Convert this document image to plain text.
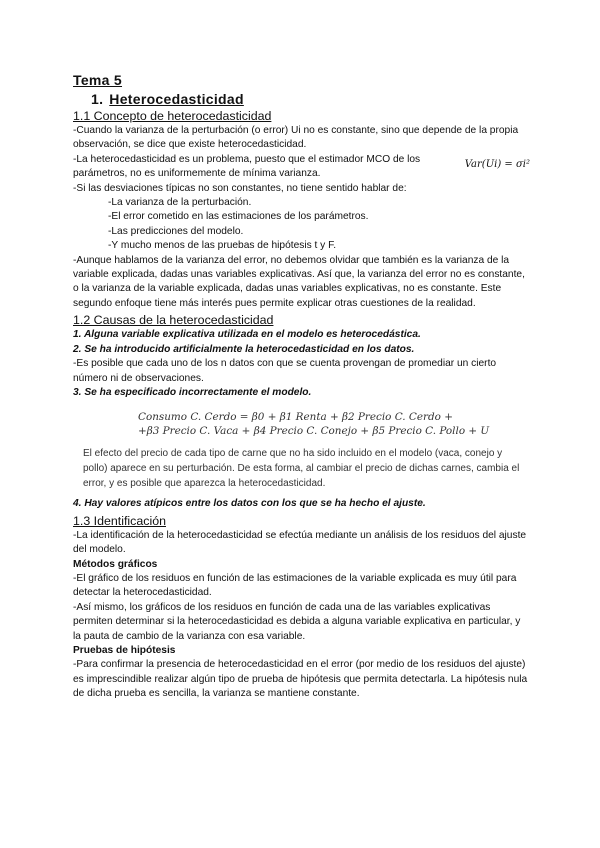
Tema 5
1. Heterocedasticidad
1.1 Concepto de heterocedasticidad

-Cuando la varianza de la perturbación (o error) Ui no es constante, sino que depende de la propia observación, se dice que existe heterocedasticidad.

-La heterocedasticidad es un problema, puesto que el estimador MCO de los parámetros, no es uniformemente de mínima varianza.

Var(Ui) = σi²

-Si las desviaciones típicas no son constantes, no tiene sentido hablar de:

-La varianza de la perturbación.

-El error cometido en las estimaciones de los parámetros.

-Las predicciones del modelo.

-Y mucho menos de las pruebas de hipótesis t y F.

-Aunque hablamos de la varianza del error, no debemos olvidar que también es la varianza de la variable explicada, dadas unas variables explicativas. Así que, la varianza del error no es constante, o la varianza de la variable explicada, dadas unas variables explicativas, no es constante. Este segundo enfoque tiene más interés pues permite explicar otras cuestiones de la realidad.

1.2 Causas de la heterocedasticidad

1. Alguna variable explicativa utilizada en el modelo es heterocedástica.

2. Se ha introducido artificialmente la heterocedasticidad en los datos.

-Es posible que cada uno de los n datos con que se cuenta provengan de promediar un cierto número ni de observaciones.

3. Se ha especificado incorrectamente el modelo.

Consumo C. Cerdo = β0 + β1 Renta + β2 Precio C. Cerdo +
+β3 Precio C. Vaca + β4 Precio C. Conejo + β5 Precio C. Pollo + U
El efecto del precio de cada tipo de carne que no ha sido incluido en el modelo (vaca, conejo y pollo) aparece en su perturbación. De esta forma, al cambiar el precio de dichas carnes, cambia el error, y es posible que aparezca la heterocedasticidad.

4. Hay valores atípicos entre los datos con los que se ha hecho el ajuste.

1.3 Identificación

-La identificación de la heterocedasticidad se efectúa mediante un análisis de los residuos del ajuste del modelo.

Métodos gráficos

-El gráfico de los residuos en función de las estimaciones de la variable explicada es muy útil para detectar la heterocedasticidad.

-Así mismo, los gráficos de los residuos en función de cada una de las variables explicativas permiten determinar si la heterocedasticidad es debida a alguna variable explicativa en particular, y la pauta de cambio de la varianza con esa variable.

Pruebas de hipótesis

-Para confirmar la presencia de heterocedasticidad en el error (por medio de los residuos del ajuste) es imprescindible realizar algún tipo de prueba de hipótesis que permita detectarla. La hipótesis nula de dicha prueba es sencilla, la varianza se mantiene constante.
